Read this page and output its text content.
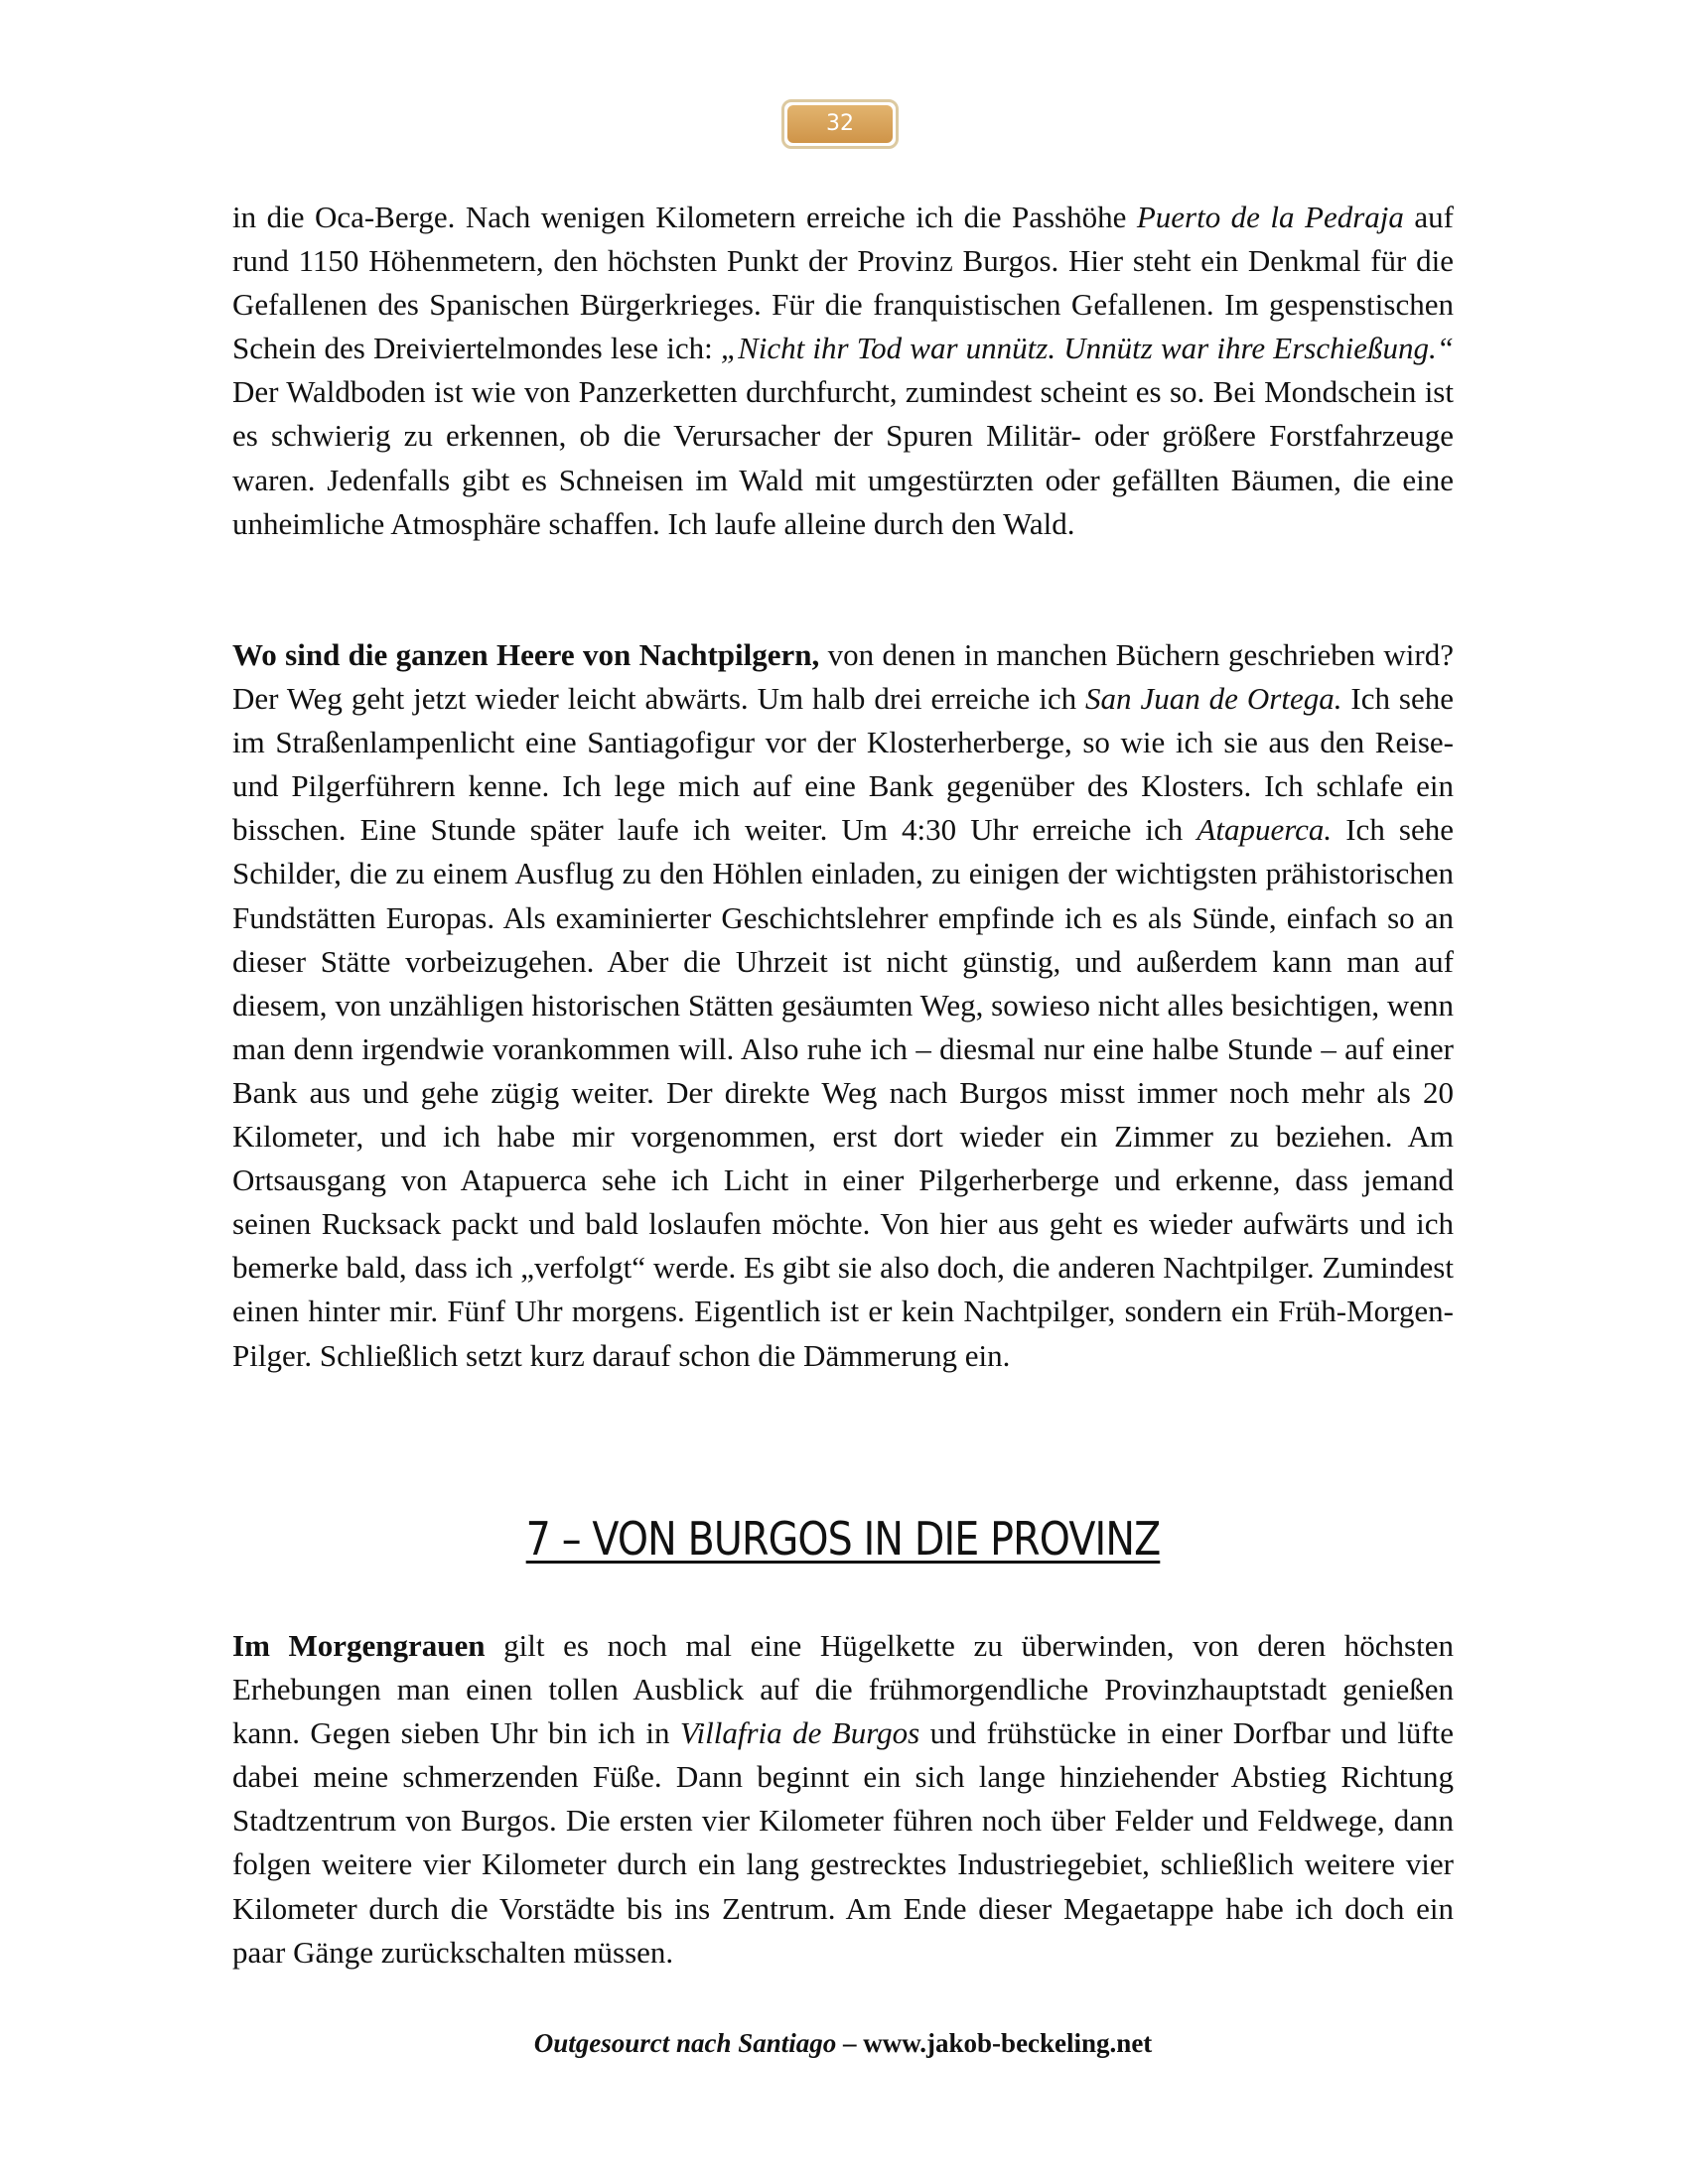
32

in die Oca-Berge. Nach wenigen Kilometern erreiche ich die Passhöhe Puerto de la Pedraja auf rund 1150 Höhenmetern, den höchsten Punkt der Provinz Burgos. Hier steht ein Denkmal für die Gefallenen des Spanischen Bürgerkrieges. Für die franquistischen Gefallenen. Im gespenstischen Schein des Dreiviertelmondes lese ich: „Nicht ihr Tod war unnütz. Unnütz war ihre Erschießung.“ Der Waldboden ist wie von Panzerketten durchfurcht, zumindest scheint es so. Bei Mondschein ist es schwierig zu erkennen, ob die Verursacher der Spuren Militär- oder größere Forstfahrzeuge waren. Jedenfalls gibt es Schneisen im Wald mit umgestürzten oder gefällten Bäumen, die eine unheimliche Atmosphäre schaffen. Ich laufe alleine durch den Wald.

Wo sind die ganzen Heere von Nachtpilgern, von denen in manchen Büchern geschrieben wird? Der Weg geht jetzt wieder leicht abwärts. Um halb drei erreiche ich San Juan de Ortega. Ich sehe im Straßenlampenlicht eine Santiagofigur vor der Klosterherberge, so wie ich sie aus den Reise- und Pilgerführern kenne. Ich lege mich auf eine Bank gegenüber des Klosters. Ich schlafe ein bisschen. Eine Stunde später laufe ich weiter. Um 4:30 Uhr erreiche ich Atapuerca. Ich sehe Schilder, die zu einem Ausflug zu den Höhlen einladen, zu einigen der wichtigsten prähistorischen Fundstätten Europas. Als examinierter Geschichtslehrer empfinde ich es als Sünde, einfach so an dieser Stätte vorbeizugehen. Aber die Uhrzeit ist nicht günstig, und außerdem kann man auf diesem, von unzähligen historischen Stätten gesäumten Weg, sowieso nicht alles besichtigen, wenn man denn irgendwie vorankommen will. Also ruhe ich – diesmal nur eine halbe Stunde – auf einer Bank aus und gehe zügig weiter. Der direkte Weg nach Burgos misst immer noch mehr als 20 Kilometer, und ich habe mir vorgenommen, erst dort wieder ein Zimmer zu beziehen. Am Ortsausgang von Atapuerca sehe ich Licht in einer Pilgerherberge und erkenne, dass jemand seinen Rucksack packt und bald loslaufen möchte. Von hier aus geht es wieder aufwärts und ich bemerke bald, dass ich „verfolgt“ werde. Es gibt sie also doch, die anderen Nachtpilger. Zumindest einen hinter mir. Fünf Uhr morgens. Eigentlich ist er kein Nachtpilger, sondern ein Früh-Morgen-Pilger. Schließlich setzt kurz darauf schon die Dämmerung ein.

7 – VON BURGOS IN DIE PROVINZ

Im Morgengrauen gilt es noch mal eine Hügelkette zu überwinden, von deren höchsten Erhebungen man einen tollen Ausblick auf die frühmorgendliche Provinzhauptstadt genießen kann. Gegen sieben Uhr bin ich in Villafria de Burgos und frühstücke in einer Dorfbar und lüfte dabei meine schmerzenden Füße. Dann beginnt ein sich lange hinziehender Abstieg Richtung Stadtzentrum von Burgos. Die ersten vier Kilometer führen noch über Felder und Feldwege, dann folgen weitere vier Kilometer durch ein lang gestrecktes Industriegebiet, schließlich weitere vier Kilometer durch die Vorstädte bis ins Zentrum. Am Ende dieser Megaetappe habe ich doch ein paar Gänge zurückschalten müssen.

Outgesourct nach Santiago – www.jakob-beckeling.net
